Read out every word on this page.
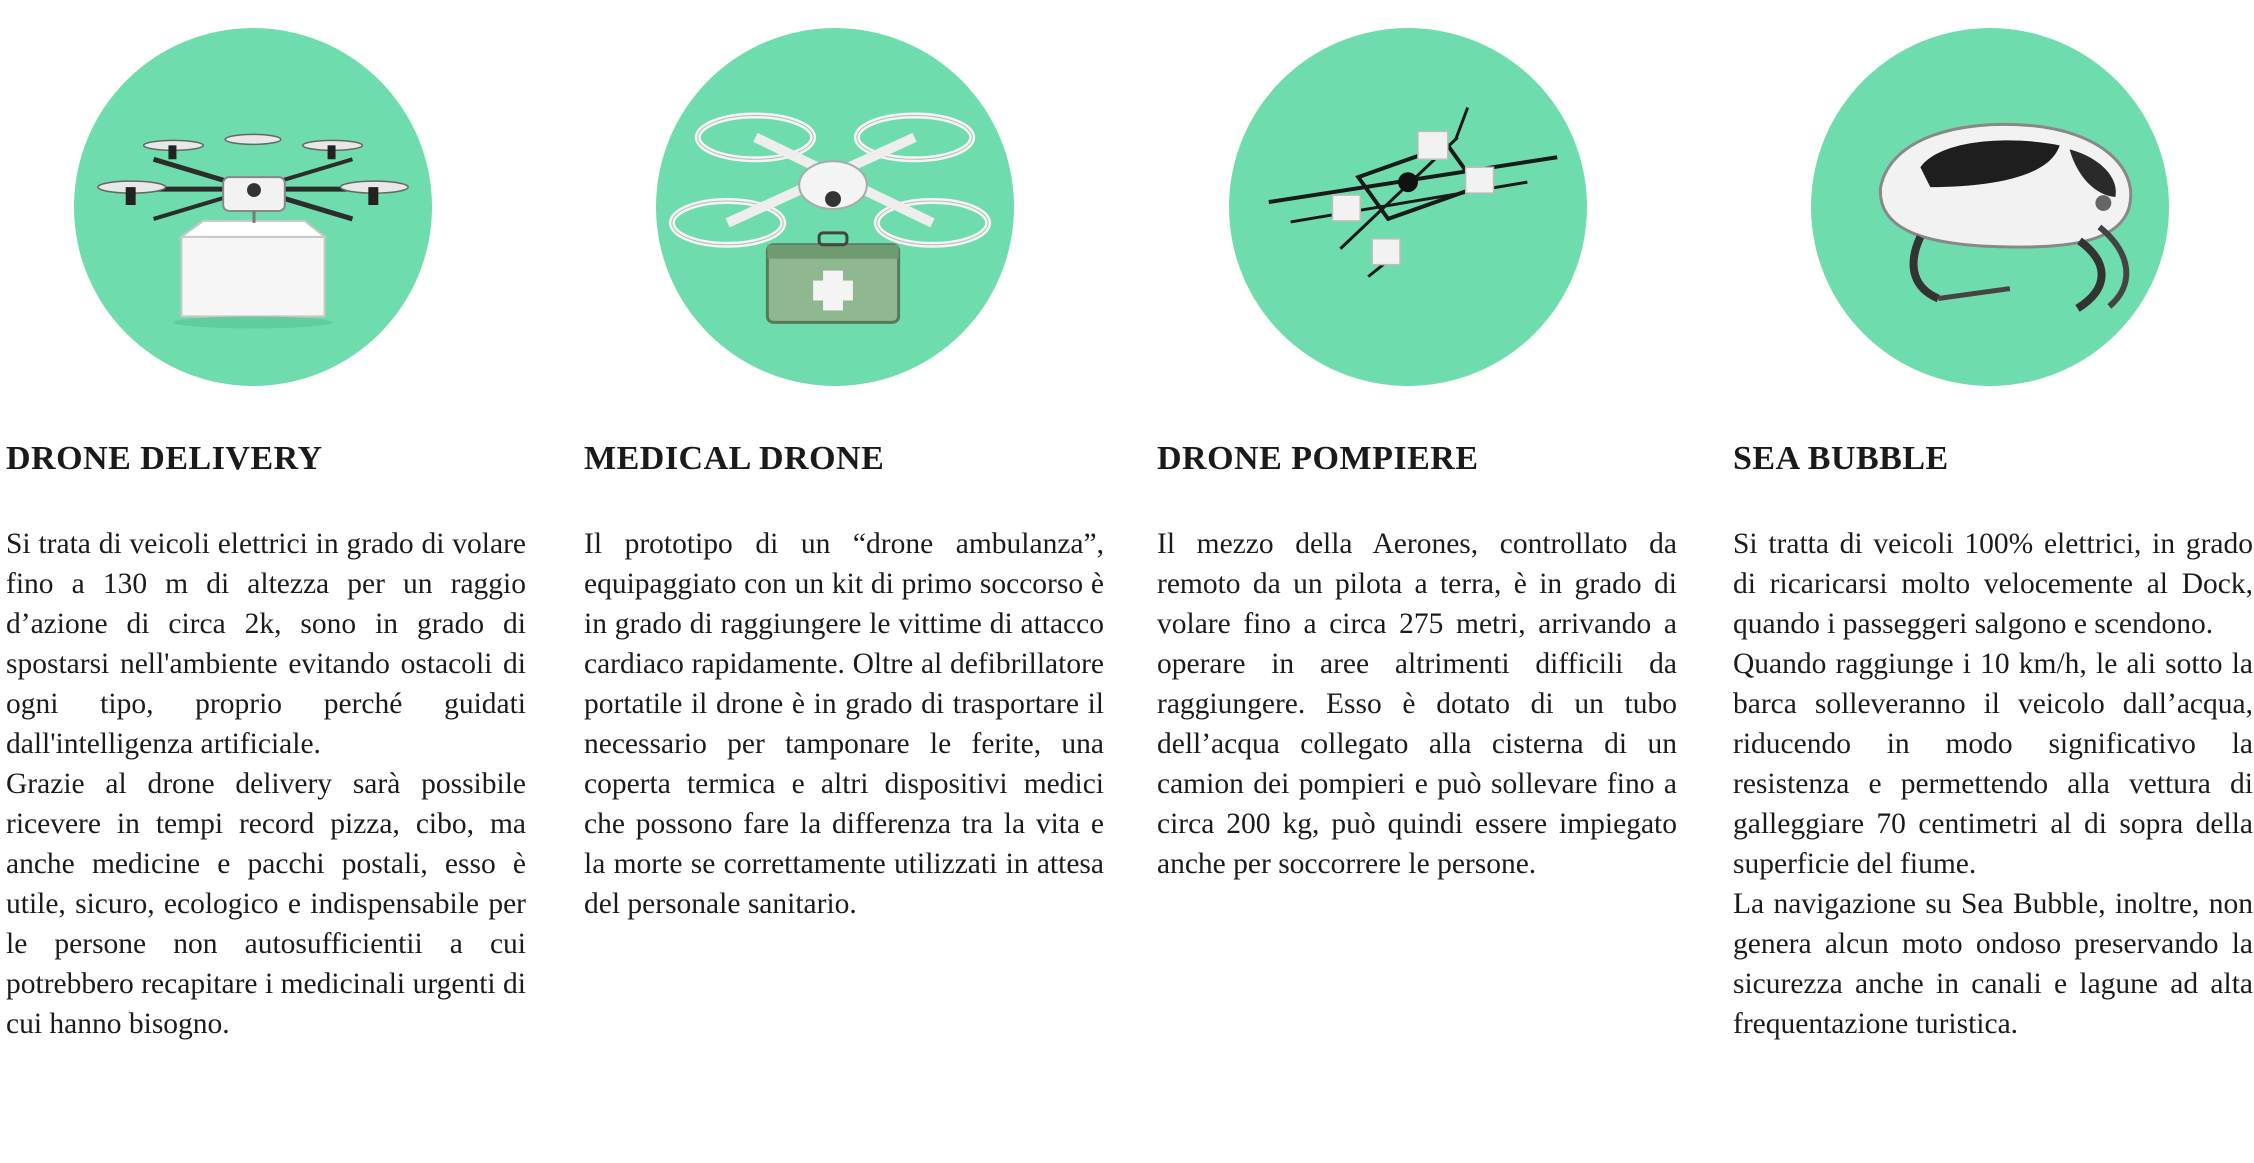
DRONE DELIVERY

Si trata di veicoli elettrici in grado di volare fino a 130 m di altezza per un raggio d’azione di circa 2k, sono in grado di spostarsi nell'ambiente evitando ostacoli di ogni tipo, proprio perché guidati dall'intelligenza artificiale.

Grazie al drone delivery sarà possibile ricevere in tempi record pizza, cibo, ma anche medicine e pacchi postali, esso è utile, sicuro, ecologico e indispensabile per le persone non autosufficientii a cui potrebbero recapitare i medicinali urgenti di cui hanno bisogno.

MEDICAL DRONE

Il prototipo di un “drone ambulanza”, equipaggiato con un kit di primo soccorso è in grado di raggiungere le vittime di attacco cardiaco rapidamente. Oltre al defibrillatore portatile il drone è in grado di trasportare il necessario per tamponare le ferite, una coperta termica e altri dispositivi medici che possono fare la differenza tra la vita e la morte se correttamente utilizzati in attesa del personale sanitario.

DRONE POMPIERE

Il mezzo della Aerones, controllato da remoto da un pilota a terra, è in grado di volare fino a circa 275 metri, arrivando a operare in aree altrimenti difficili da raggiungere. Esso è dotato di un tubo dell’acqua collegato alla cisterna di un camion dei pompieri e può sollevare fino a circa 200 kg, può quindi essere impiegato anche per soccorrere le persone.

SEA BUBBLE

Si tratta di veicoli 100% elettrici, in grado di ricaricarsi molto velocemente al Dock, quando i passeggeri salgono e scendono.

Quando raggiunge i 10 km/h, le ali sotto la barca solleveranno il veicolo dall’acqua, riducendo in modo significativo la resistenza e permettendo alla vettura di galleggiare 70 centimetri al di sopra della superficie del fiume.

La navigazione su Sea Bubble, inoltre, non genera alcun moto ondoso preservando la sicurezza anche in canali e lagune ad alta frequentazione turistica.
